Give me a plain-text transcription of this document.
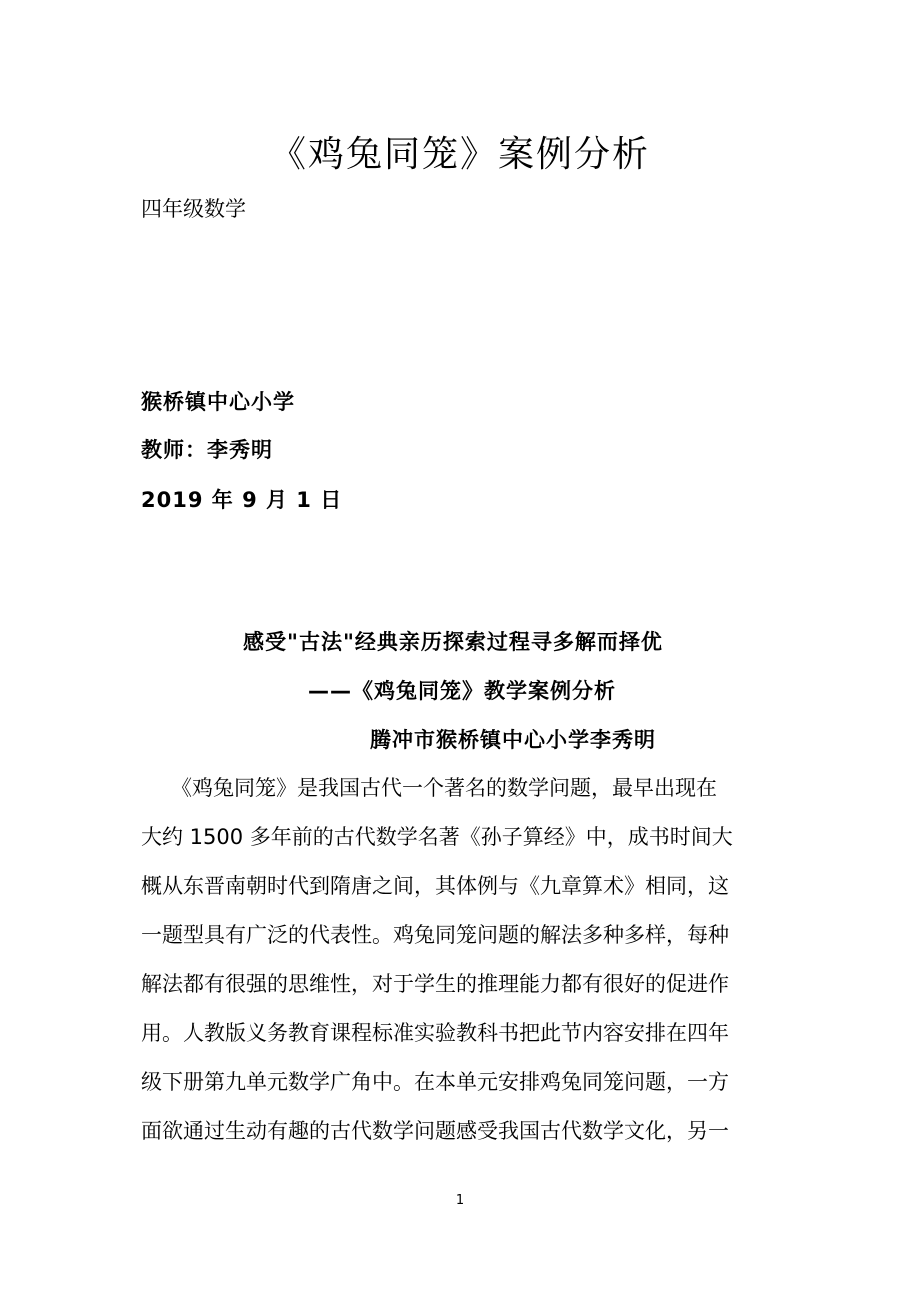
《鸡兔同笼》案例分析
四年级数学
猴桥镇中心小学
教师：李秀明
2019 年 9 月 1 日
感受"古法"经典亲历探索过程寻多解而择优
——《鸡兔同笼》教学案例分析
腾冲市猴桥镇中心小学李秀明
《鸡兔同笼》是我国古代一个著名的数学问题，最早出现在
大约 1500 多年前的古代数学名著《孙子算经》中，成书时间大
概从东晋南朝时代到隋唐之间，其体例与《九章算术》相同，这
一题型具有广泛的代表性。鸡兔同笼问题的解法多种多样，每种
解法都有很强的思维性，对于学生的推理能力都有很好的促进作
用。人教版义务教育课程标准实验教科书把此节内容安排在四年
级下册第九单元数学广角中。在本单元安排鸡兔同笼问题，一方
面欲通过生动有趣的古代数学问题感受我国古代数学文化，另一
1
